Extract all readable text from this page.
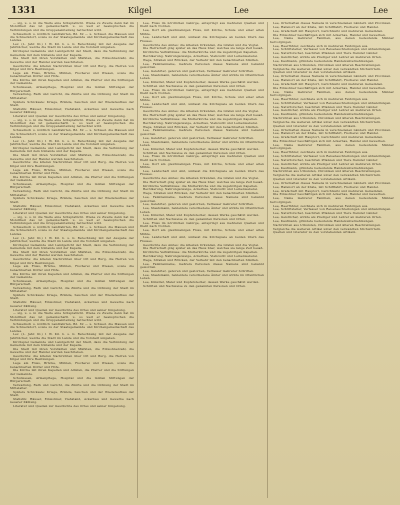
1331	Kilgel	Lee	Lee

— sig, u. s. in die Weite eine Schuplatlichl. Wiene zu Zweite denn hat im Mondtheil das ist gemeinschaftl. u. so weit er beanspruchen die Verbindungen und die Gruppeneinteilung betrachtet wird.

Schwedisch u. nördlich Landfahrten, Bd. 82 — u. Schwed. die Mausen und die Schneckdorf, sowie zu der Staatsgemeinde und Kirchengemeinschaft des Landes.

Lev. (L. Jahr. Kl.) 1 W. Kil. b. s. G. Berechnung mit der Ausgabe der Jahrbücher, welche die Stadt im Lande und die Vorstadt umgaben.

Kirchspiel Gemeinde und Landgericht der Stadt, dazu die Verbindung der Gemeinde mit dem Umlande und der Kapelle.

Die Stadt mit ihren Vorstädten und Märkten, die Einwohnerzahl, die Gewerbe und der Handel werden beschrieben.

Geschichte: die älteren Nachrichten über Ort und Burg, die Herren von Kilgel und ihre Besitzungen.

Lage am Fluss, Brücke, Mühlen, Fischerei und Wiesen, sowie die benachbarten Dörfer und Höfe.

Die Kirche mit ihren Kapellen und Altären, die Pfarrer und die Stiftungen der Gemeinde.

Schulwesen, Armenpflege, Hospital und die milden Stiftungen der Bürgerschaft.

Verwaltung, Rath und Gericht, die Zünfte und die Ordnung der Stadt im Mittelalter.

Spätere Schicksale: Kriege, Brände, Seuchen und der Wiederaufbau der Stadt.

Statistik: Häuser, Einwohner, Viehstand, Ackerbau und Gewerbe nach neuerer Zählung.

Literatur und Quellen zur Geschichte des Ortes und seiner Umgebung.

— sig, u. s. in die Weite eine Schuplatlichl. Wiene zu Zweite denn hat im Mondtheil das ist gemeinschaftl. u. so weit er beanspruchen die Verbindungen und die Gruppeneinteilung betrachtet wird.

Schwedisch u. nördlich Landfahrten, Bd. 82 — u. Schwed. die Mausen und die Schneckdorf, sowie zu der Staatsgemeinde und Kirchengemeinschaft des Landes.

Lev. (L. Jahr. Kl.) 1 W. Kil. b. s. G. Berechnung mit der Ausgabe der Jahrbücher, welche die Stadt im Lande und die Vorstadt umgaben.

Kirchspiel Gemeinde und Landgericht der Stadt, dazu die Verbindung der Gemeinde mit dem Umlande und der Kapelle.

Die Stadt mit ihren Vorstädten und Märkten, die Einwohnerzahl, die Gewerbe und der Handel werden beschrieben.

Geschichte: die älteren Nachrichten über Ort und Burg, die Herren von Kilgel und ihre Besitzungen.

Lage am Fluss, Brücke, Mühlen, Fischerei und Wiesen, sowie die benachbarten Dörfer und Höfe.

Die Kirche mit ihren Kapellen und Altären, die Pfarrer und die Stiftungen der Gemeinde.

Schulwesen, Armenpflege, Hospital und die milden Stiftungen der Bürgerschaft.

Verwaltung, Rath und Gericht, die Zünfte und die Ordnung der Stadt im Mittelalter.

Spätere Schicksale: Kriege, Brände, Seuchen und der Wiederaufbau der Stadt.

Statistik: Häuser, Einwohner, Viehstand, Ackerbau und Gewerbe nach neuerer Zählung.

Literatur und Quellen zur Geschichte des Ortes und seiner Umgebung.

— sig, u. s. in die Weite eine Schuplatlichl. Wiene zu Zweite denn hat im Mondtheil das ist gemeinschaftl. u. so weit er beanspruchen die Verbindungen und die Gruppeneinteilung betrachtet wird.

Schwedisch u. nördlich Landfahrten, Bd. 82 — u. Schwed. die Mausen und die Schneckdorf, sowie zu der Staatsgemeinde und Kirchengemeinschaft des Landes.

Lev. (L. Jahr. Kl.) 1 W. Kil. b. s. G. Berechnung mit der Ausgabe der Jahrbücher, welche die Stadt im Lande und die Vorstadt umgaben.

Kirchspiel Gemeinde und Landgericht der Stadt, dazu die Verbindung der Gemeinde mit dem Umlande und der Kapelle.

Die Stadt mit ihren Vorstädten und Märkten, die Einwohnerzahl, die Gewerbe und der Handel werden beschrieben.

Geschichte: die älteren Nachrichten über Ort und Burg, die Herren von Kilgel und ihre Besitzungen.

Lage am Fluss, Brücke, Mühlen, Fischerei und Wiesen, sowie die benachbarten Dörfer und Höfe.

Die Kirche mit ihren Kapellen und Altären, die Pfarrer und die Stiftungen der Gemeinde.

Schulwesen, Armenpflege, Hospital und die milden Stiftungen der Bürgerschaft.

Verwaltung, Rath und Gericht, die Zünfte und die Ordnung der Stadt im Mittelalter.

Spätere Schicksale: Kriege, Brände, Seuchen und der Wiederaufbau der Stadt.

Statistik: Häuser, Einwohner, Viehstand, Ackerbau und Gewerbe nach neuerer Zählung.

Literatur und Quellen zur Geschichte des Ortes und seiner Umgebung.

— sig, u. s. in die Weite eine Schuplatlichl. Wiene zu Zweite denn hat im Mondtheil das ist gemeinschaftl. u. so weit er beanspruchen die Verbindungen und die Gruppeneinteilung betrachtet wird.

Schwedisch u. nördlich Landfahrten, Bd. 82 — u. Schwed. die Mausen und die Schneckdorf, sowie zu der Staatsgemeinde und Kirchengemeinschaft des Landes.

Lev. (L. Jahr. Kl.) 1 W. Kil. b. s. G. Berechnung mit der Ausgabe der Jahrbücher, welche die Stadt im Lande und die Vorstadt umgaben.

Kirchspiel Gemeinde und Landgericht der Stadt, dazu die Verbindung der Gemeinde mit dem Umlande und der Kapelle.

Die Stadt mit ihren Vorstädten und Märkten, die Einwohnerzahl, die Gewerbe und der Handel werden beschrieben.

Geschichte: die älteren Nachrichten über Ort und Burg, die Herren von Kilgel und ihre Besitzungen.

Lage am Fluss, Brücke, Mühlen, Fischerei und Wiesen, sowie die benachbarten Dörfer und Höfe.

Die Kirche mit ihren Kapellen und Altären, die Pfarrer und die Stiftungen der Gemeinde.

Schulwesen, Armenpflege, Hospital und die milden Stiftungen der Bürgerschaft.

Verwaltung, Rath und Gericht, die Zünfte und die Ordnung der Stadt im Mittelalter.

Spätere Schicksale: Kriege, Brände, Seuchen und der Wiederaufbau der Stadt.

Statistik: Häuser, Einwohner, Viehstand, Ackerbau und Gewerbe nach neuerer Zählung.

Literatur und Quellen zur Geschichte des Ortes und seiner Umgebung.

Lee, Fluss im nördlichen Gebirge, entspringt aus mehreren Quellen und fließt nach Norden.

Lee, Dorf am gleichnamigen Fluss, mit Kirche, Schule und einer alten Mühle.

Lee, Landschaft und Amt, umfasst die Kirchspiele an beiden Ufern des Flusses.

Geschichte des Amtes: die ältesten Urkunden, die Grafen und die Vogtei.

Die Herrschaft ging später an das Haus über, welches sie lange Zeit besaß.

Kirchliche Verhältnisse: die Mutterkirche und die zugehörigen Kapellen.

Bevölkerung, Nahrungszweige, Ackerbau, Viehzucht und Leinenweberei.

Wege, Straßen und Brücken, der Verkehr mit den benachbarten Städten.

Lee, Familienname, mehrere Personen dieses Namens sind bekannt geworden.

Lee, Gelehrter, geboren und gestorben, Verfasser mehrerer Schriften.

Lee, Staatsmann, bekleidete verschiedene Ämter und wirkte im öffentlichen Leben.

Lee, Künstler, Maler und Kupferstecher, dessen Werke geschätzt werden.

Schriften und Nachweise zu den genannten Personen und Orten.

Lee, Fluss im nördlichen Gebirge, entspringt aus mehreren Quellen und fließt nach Norden.

Lee, Dorf am gleichnamigen Fluss, mit Kirche, Schule und einer alten Mühle.

Lee, Landschaft und Amt, umfasst die Kirchspiele an beiden Ufern des Flusses.

Geschichte des Amtes: die ältesten Urkunden, die Grafen und die Vogtei.

Die Herrschaft ging später an das Haus über, welches sie lange Zeit besaß.

Kirchliche Verhältnisse: die Mutterkirche und die zugehörigen Kapellen.

Bevölkerung, Nahrungszweige, Ackerbau, Viehzucht und Leinenweberei.

Wege, Straßen und Brücken, der Verkehr mit den benachbarten Städten.

Lee, Familienname, mehrere Personen dieses Namens sind bekannt geworden.

Lee, Gelehrter, geboren und gestorben, Verfasser mehrerer Schriften.

Lee, Staatsmann, bekleidete verschiedene Ämter und wirkte im öffentlichen Leben.

Lee, Künstler, Maler und Kupferstecher, dessen Werke geschätzt werden.

Schriften und Nachweise zu den genannten Personen und Orten.

Lee, Fluss im nördlichen Gebirge, entspringt aus mehreren Quellen und fließt nach Norden.

Lee, Dorf am gleichnamigen Fluss, mit Kirche, Schule und einer alten Mühle.

Lee, Landschaft und Amt, umfasst die Kirchspiele an beiden Ufern des Flusses.

Geschichte des Amtes: die ältesten Urkunden, die Grafen und die Vogtei.

Die Herrschaft ging später an das Haus über, welches sie lange Zeit besaß.

Kirchliche Verhältnisse: die Mutterkirche und die zugehörigen Kapellen.

Bevölkerung, Nahrungszweige, Ackerbau, Viehzucht und Leinenweberei.

Wege, Straßen und Brücken, der Verkehr mit den benachbarten Städten.

Lee, Familienname, mehrere Personen dieses Namens sind bekannt geworden.

Lee, Gelehrter, geboren und gestorben, Verfasser mehrerer Schriften.

Lee, Staatsmann, bekleidete verschiedene Ämter und wirkte im öffentlichen Leben.

Lee, Künstler, Maler und Kupferstecher, dessen Werke geschätzt werden.

Schriften und Nachweise zu den genannten Personen und Orten.

Lee, Fluss im nördlichen Gebirge, entspringt aus mehreren Quellen und fließt nach Norden.

Lee, Dorf am gleichnamigen Fluss, mit Kirche, Schule und einer alten Mühle.

Lee, Landschaft und Amt, umfasst die Kirchspiele an beiden Ufern des Flusses.

Geschichte des Amtes: die ältesten Urkunden, die Grafen und die Vogtei.

Die Herrschaft ging später an das Haus über, welches sie lange Zeit besaß.

Kirchliche Verhältnisse: die Mutterkirche und die zugehörigen Kapellen.

Bevölkerung, Nahrungszweige, Ackerbau, Viehzucht und Leinenweberei.

Wege, Straßen und Brücken, der Verkehr mit den benachbarten Städten.

Lee, Familienname, mehrere Personen dieses Namens sind bekannt geworden.

Lee, Gelehrter, geboren und gestorben, Verfasser mehrerer Schriften.

Lee, Staatsmann, bekleidete verschiedene Ämter und wirkte im öffentlichen Leben.

Lee, Künstler, Maler und Kupferstecher, dessen Werke geschätzt werden.

Schriften und Nachweise zu den genannten Personen und Orten.

Lee, Ortschaften dieses Namens in verschiedenen Ländern und Provinzen.

Lee, Hafenort an der Küste, mit Schifffahrt, Fischerei und Handel.

Lee, Grafschaft mit Hauptort, Gerichtssitz und mehreren Gemeinden.

Die Einwohner beschäftigen sich mit Ackerbau, Handel und Gewerben.

Lee, Name mehrerer Familien, aus denen bedeutende Männer hervorgingen.

Lee, Heerführer, zeichnete sich in mehreren Feldzügen aus.

Lee, Schriftsteller, Verfasser von Reisebeschreibungen und Abhandlungen.

Lee, Naturforscher, beschrieb Pflanzen und Tiere fremder Länder.

Lee, Geistlicher, wirkte als Prediger und Lehrer an mehreren Orten.

Lee, Kaufmann, gründete bedeutende Handelsunternehmungen.

Nachrichten aus Urkunden, Chroniken und älteren Beschreibungen.

Vergleiche die weiteren Artikel unter den verwandten Stichwörtern.

Quellen und Literatur zu den vorstehenden Artikeln.

Lee, Ortschaften dieses Namens in verschiedenen Ländern und Provinzen.

Lee, Hafenort an der Küste, mit Schifffahrt, Fischerei und Handel.

Lee, Grafschaft mit Hauptort, Gerichtssitz und mehreren Gemeinden.

Die Einwohner beschäftigen sich mit Ackerbau, Handel und Gewerben.

Lee, Name mehrerer Familien, aus denen bedeutende Männer hervorgingen.

Lee, Heerführer, zeichnete sich in mehreren Feldzügen aus.

Lee, Schriftsteller, Verfasser von Reisebeschreibungen und Abhandlungen.

Lee, Naturforscher, beschrieb Pflanzen und Tiere fremder Länder.

Lee, Geistlicher, wirkte als Prediger und Lehrer an mehreren Orten.

Lee, Kaufmann, gründete bedeutende Handelsunternehmungen.

Nachrichten aus Urkunden, Chroniken und älteren Beschreibungen.

Vergleiche die weiteren Artikel unter den verwandten Stichwörtern.

Quellen und Literatur zu den vorstehenden Artikeln.

Lee, Ortschaften dieses Namens in verschiedenen Ländern und Provinzen.

Lee, Hafenort an der Küste, mit Schifffahrt, Fischerei und Handel.

Lee, Grafschaft mit Hauptort, Gerichtssitz und mehreren Gemeinden.

Die Einwohner beschäftigen sich mit Ackerbau, Handel und Gewerben.

Lee, Name mehrerer Familien, aus denen bedeutende Männer hervorgingen.

Lee, Heerführer, zeichnete sich in mehreren Feldzügen aus.

Lee, Schriftsteller, Verfasser von Reisebeschreibungen und Abhandlungen.

Lee, Naturforscher, beschrieb Pflanzen und Tiere fremder Länder.

Lee, Geistlicher, wirkte als Prediger und Lehrer an mehreren Orten.

Lee, Kaufmann, gründete bedeutende Handelsunternehmungen.

Nachrichten aus Urkunden, Chroniken und älteren Beschreibungen.

Vergleiche die weiteren Artikel unter den verwandten Stichwörtern.

Quellen und Literatur zu den vorstehenden Artikeln.

Lee, Ortschaften dieses Namens in verschiedenen Ländern und Provinzen.

Lee, Hafenort an der Küste, mit Schifffahrt, Fischerei und Handel.

Lee, Grafschaft mit Hauptort, Gerichtssitz und mehreren Gemeinden.

Die Einwohner beschäftigen sich mit Ackerbau, Handel und Gewerben.

Lee, Name mehrerer Familien, aus denen bedeutende Männer hervorgingen.

Lee, Heerführer, zeichnete sich in mehreren Feldzügen aus.

Lee, Schriftsteller, Verfasser von Reisebeschreibungen und Abhandlungen.

Lee, Naturforscher, beschrieb Pflanzen und Tiere fremder Länder.

Lee, Geistlicher, wirkte als Prediger und Lehrer an mehreren Orten.

Lee, Kaufmann, gründete bedeutende Handelsunternehmungen.

Nachrichten aus Urkunden, Chroniken und älteren Beschreibungen.

Vergleiche die weiteren Artikel unter den verwandten Stichwörtern.

Quellen und Literatur zu den vorstehenden Artikeln.
